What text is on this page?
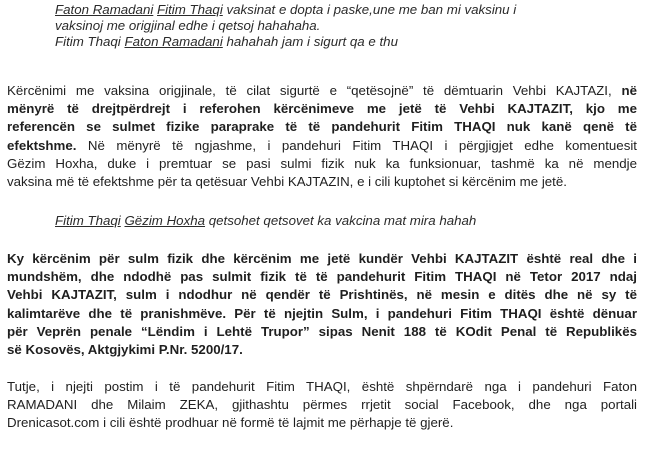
Faton Ramadani Fitim Thaqi vaksinat e dopta i paske,une me ban mi vaksinu i
vaksinoj me origjinal edhe i qetsoj hahahaha.
Fitim Thaqi Faton Ramadani hahahah jam i sigurt qa e thu
Kërcënimi me vaksina origjinale, të cilat sigurtë e “qetësojnë” të dëmtuarin Vehbi KAJTAZI, në
mënyrë të drejtpërdrejt i referohen kërcënimeve me jetë të Vehbi KAJTAZIT, kjo me
referencën se sulmet fizike paraprake të të pandehurit Fitim THAQI nuk kanë qenë të
efektshme. Në mënyrë të ngjashme, i pandehuri Fitim THAQI i përgjigjet edhe komentuesit
Gëzim Hoxha, duke i premtuar se pasi sulmi fizik nuk ka funksionuar, tashmë ka në mendje
vaksina më të efektshme për ta qetësuar Vehbi KAJTAZIN, e i cili kuptohet si kërcënim me jetë.
Fitim Thaqi Gëzim Hoxha qetsohet qetsovet ka vakcina mat mira hahah
Ky kërcënim për sulm fizik dhe kërcënim me jetë kundër Vehbi KAJTAZIT është real dhe i
mundshëm, dhe ndodhë pas sulmit fizik të të pandehurit Fitim THAQI në Tetor 2017 ndaj
Vehbi KAJTAZIT, sulm i ndodhur në qendër të Prishtinës, në mesin e ditës dhe në sy të
kalimtarëve dhe të pranishmëve. Për të njejtin Sulm, i pandehuri Fitim THAQI është dënuar
për Veprën penale “Lëndim i Lehtë Trupor” sipas Nenit 188 të KOdit Penal të Republikës
së Kosovës, Aktgjykimi P.Nr. 5200/17.
Tutje, i njejti postim i të pandehurit Fitim THAQI, është shpërndarë nga i pandehuri Faton
RAMADANI dhe Milaim ZEKA, gjithashtu përmes rrjetit social Facebook, dhe nga portali
Drenicasot.com i cili është prodhuar në formë të lajmit me përhapje të gjerë.
